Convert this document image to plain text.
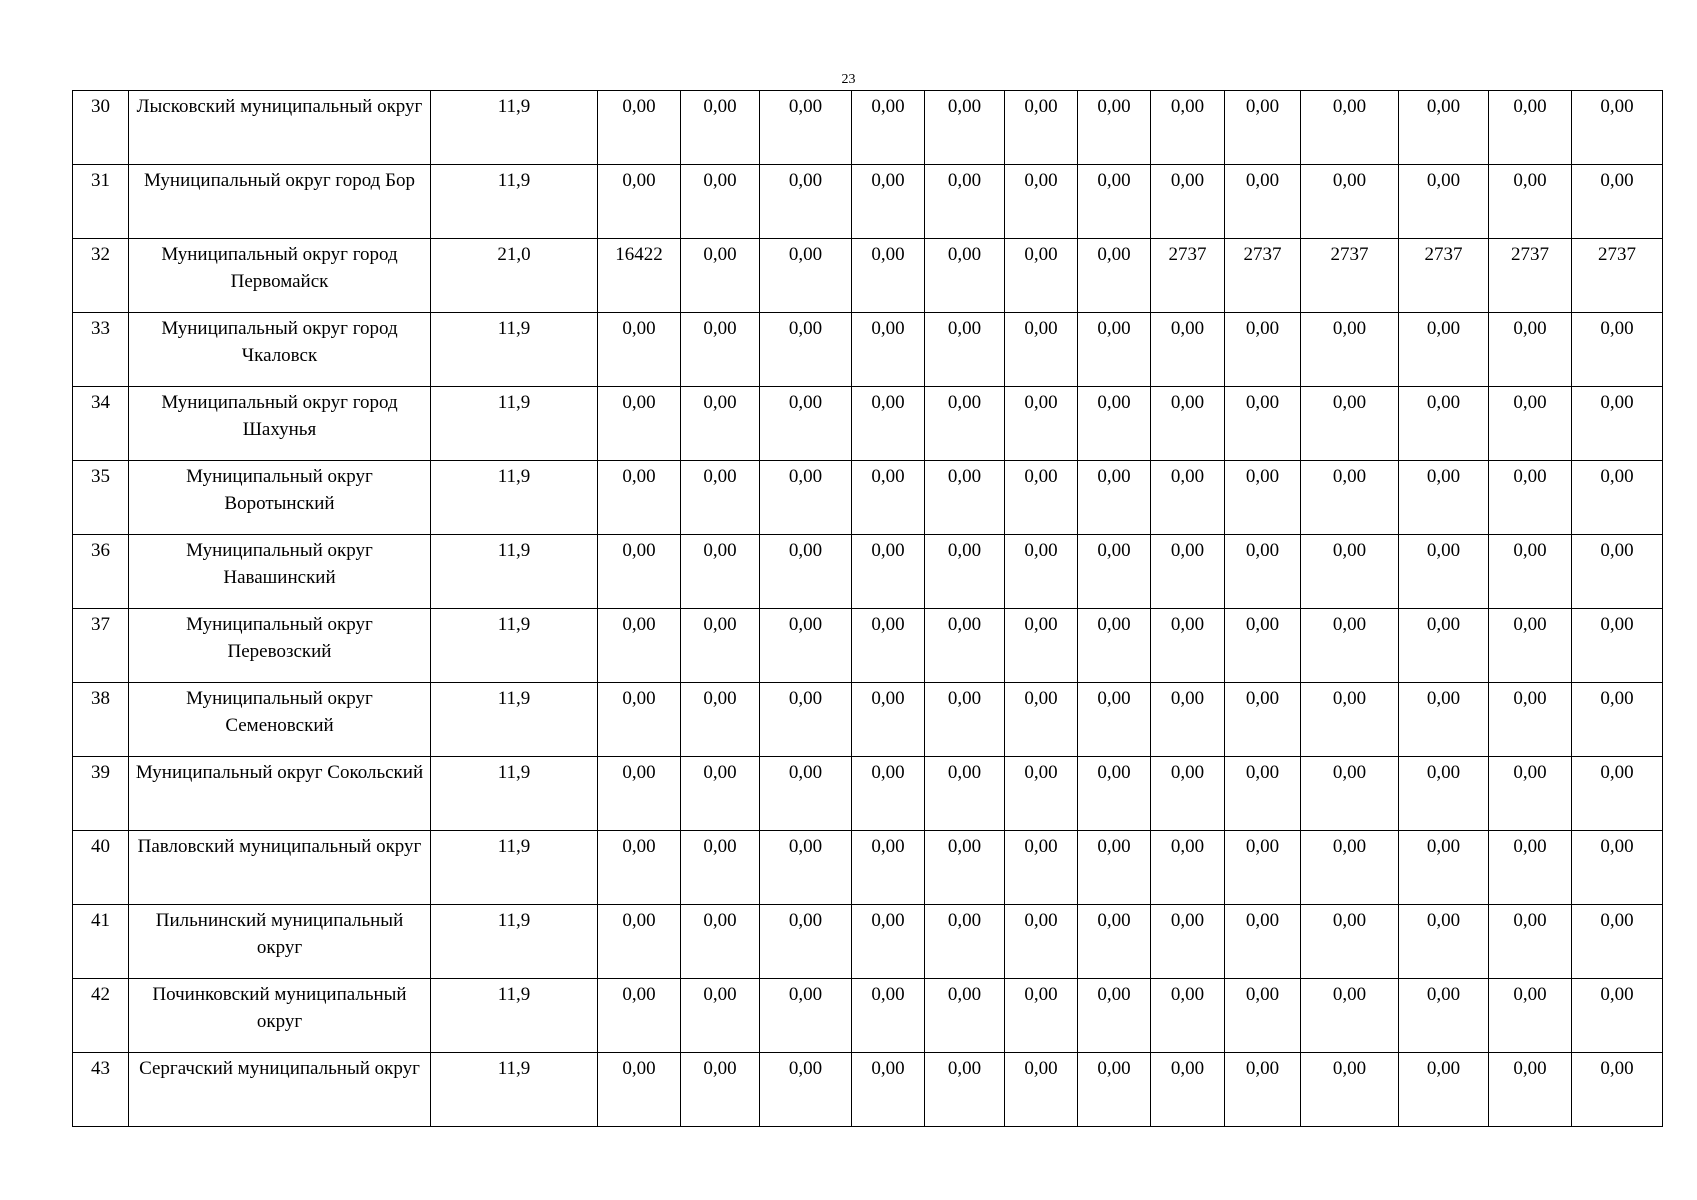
23
30	Лысковский муниципальный округ	11,9	0,00	0,00	0,00	0,00	0,00	0,00	0,00	0,00	0,00	0,00	0,00	0,00	0,00
31	Муниципальный округ город Бор	11,9	0,00	0,00	0,00	0,00	0,00	0,00	0,00	0,00	0,00	0,00	0,00	0,00	0,00
32	Муниципальный округ город Первомайск	21,0	16422	0,00	0,00	0,00	0,00	0,00	0,00	2737	2737	2737	2737	2737	2737
33	Муниципальный округ город Чкаловск	11,9	0,00	0,00	0,00	0,00	0,00	0,00	0,00	0,00	0,00	0,00	0,00	0,00	0,00
34	Муниципальный округ город Шахунья	11,9	0,00	0,00	0,00	0,00	0,00	0,00	0,00	0,00	0,00	0,00	0,00	0,00	0,00
35	Муниципальный округ Воротынский	11,9	0,00	0,00	0,00	0,00	0,00	0,00	0,00	0,00	0,00	0,00	0,00	0,00	0,00
36	Муниципальный округ Навашинский	11,9	0,00	0,00	0,00	0,00	0,00	0,00	0,00	0,00	0,00	0,00	0,00	0,00	0,00
37	Муниципальный округ Перевозский	11,9	0,00	0,00	0,00	0,00	0,00	0,00	0,00	0,00	0,00	0,00	0,00	0,00	0,00
38	Муниципальный округ Семеновский	11,9	0,00	0,00	0,00	0,00	0,00	0,00	0,00	0,00	0,00	0,00	0,00	0,00	0,00
39	Муниципальный округ Сокольский	11,9	0,00	0,00	0,00	0,00	0,00	0,00	0,00	0,00	0,00	0,00	0,00	0,00	0,00
40	Павловский муниципальный округ	11,9	0,00	0,00	0,00	0,00	0,00	0,00	0,00	0,00	0,00	0,00	0,00	0,00	0,00
41	Пильнинский муниципальный округ	11,9	0,00	0,00	0,00	0,00	0,00	0,00	0,00	0,00	0,00	0,00	0,00	0,00	0,00
42	Починковский муниципальный округ	11,9	0,00	0,00	0,00	0,00	0,00	0,00	0,00	0,00	0,00	0,00	0,00	0,00	0,00
43	Сергачский муниципальный округ	11,9	0,00	0,00	0,00	0,00	0,00	0,00	0,00	0,00	0,00	0,00	0,00	0,00	0,00
